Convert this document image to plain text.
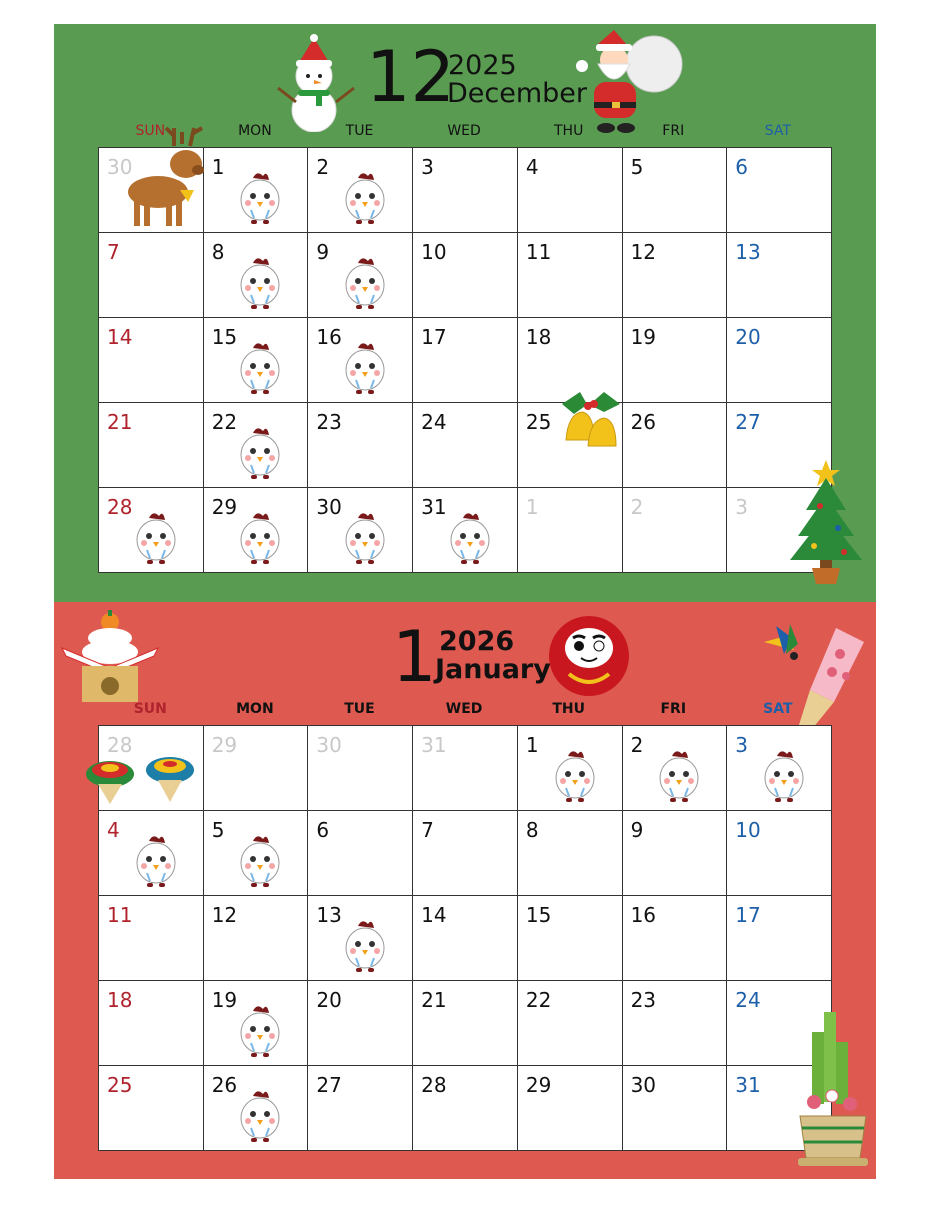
12
2025
December
SUN	MON	TUE	WED	THU	FRI	SAT
30	1	2	3	4	5	6
7	8	9	10	11	12	13
14	15	16	17	18	19	20
21	22	23	24	25	26	27
28	29	30	31	1	2	3
1 2026
January
SUN	MON	TUE	WED	THU	FRI	SAT
28	29	30	31	1	2	3
4	5	6	7	8	9	10
11	12	13	14	15	16	17
18	19	20	21	22	23	24
25	26	27	28	29	30	31
